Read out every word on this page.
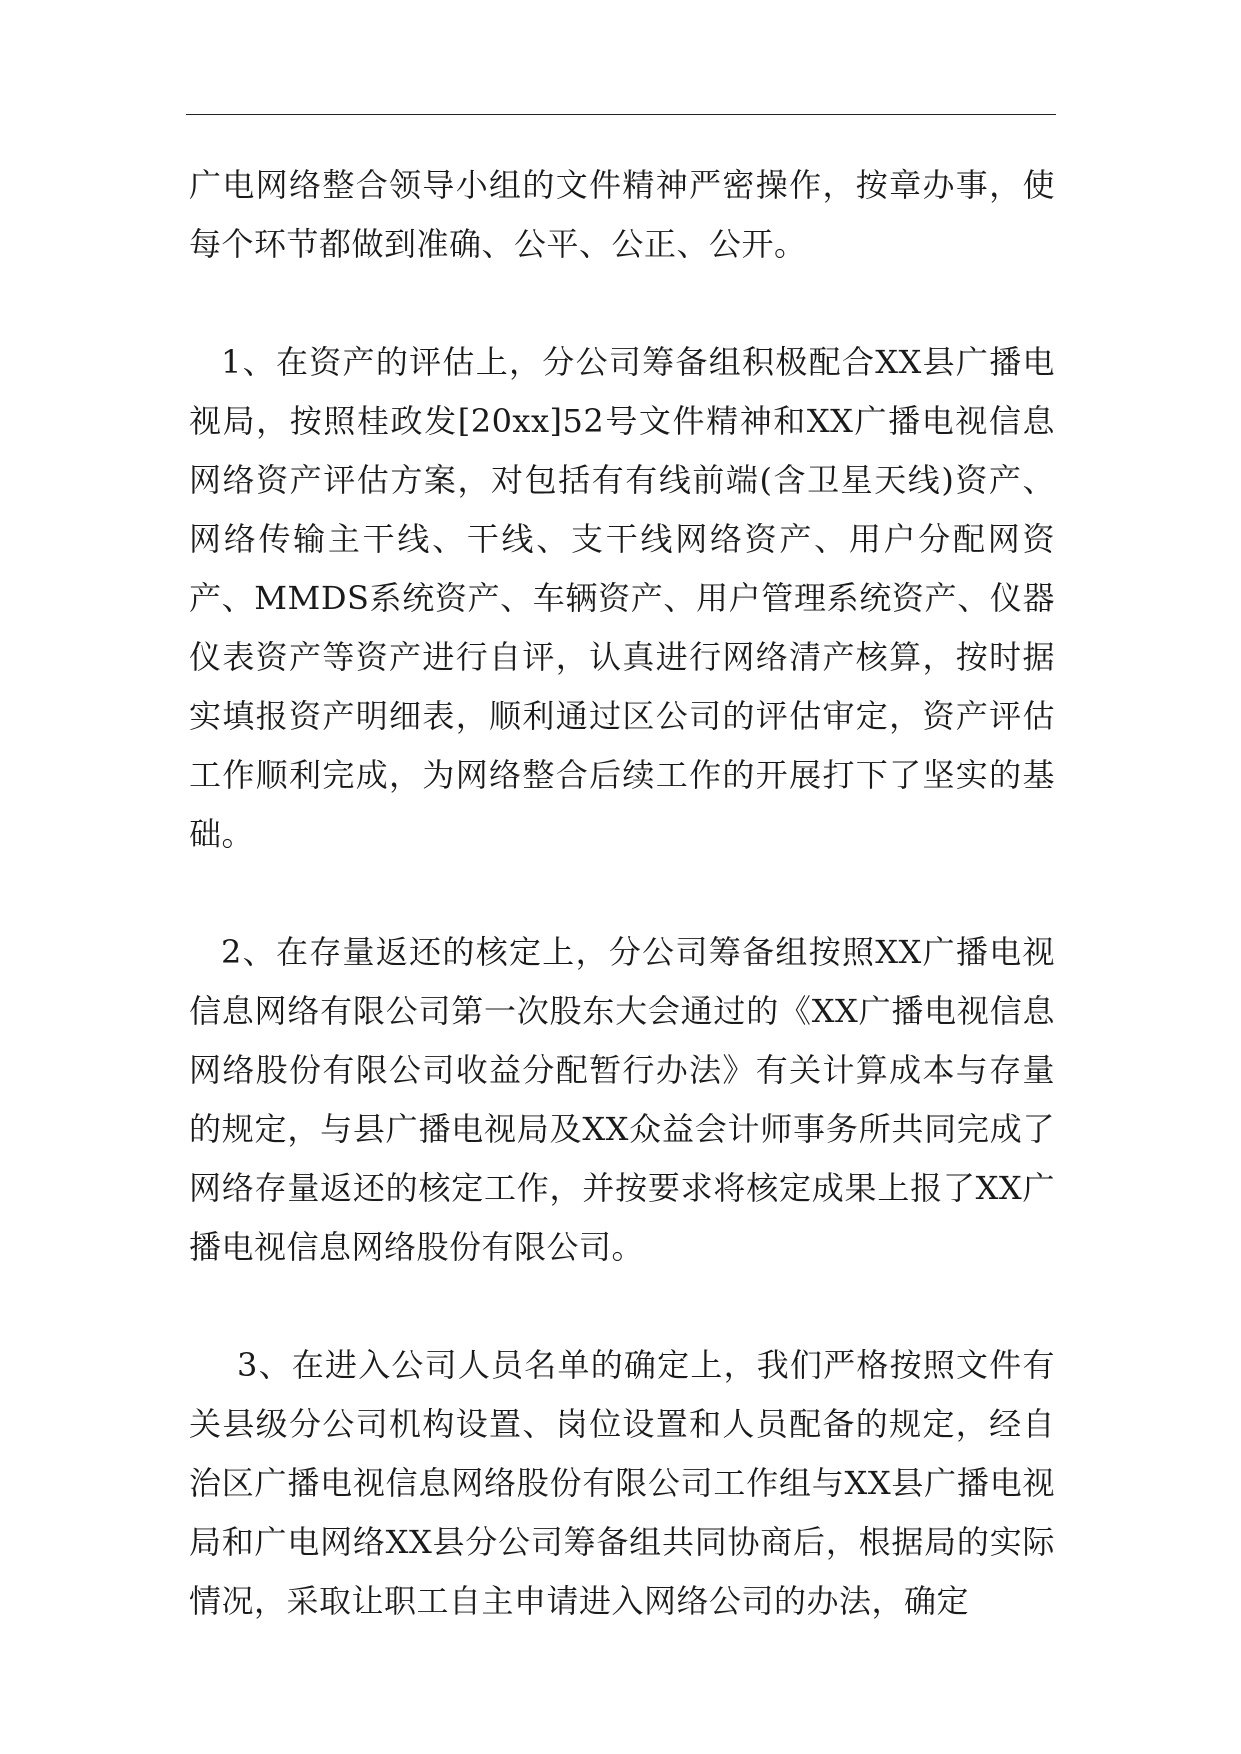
广电网络整合领导小组的文件精神严密操作，按章办事，使每个环节都做到准确、公平、公正、公开。

1、在资产的评估上，分公司筹备组积极配合XX县广播电视局，按照桂政发[20xx]52号文件精神和XX广播电视信息网络资产评估方案，对包括有有线前端(含卫星天线)资产、网络传输主干线、干线、支干线网络资产、用户分配网资产、MMDS系统资产、车辆资产、用户管理系统资产、仪器仪表资产等资产进行自评，认真进行网络清产核算，按时据实填报资产明细表，顺利通过区公司的评估审定，资产评估工作顺利完成，为网络整合后续工作的开展打下了坚实的基础。

2、在存量返还的核定上，分公司筹备组按照XX广播电视信息网络有限公司第一次股东大会通过的《XX广播电视信息网络股份有限公司收益分配暂行办法》有关计算成本与存量的规定，与县广播电视局及XX众益会计师事务所共同完成了网络存量返还的核定工作，并按要求将核定成果上报了XX广播电视信息网络股份有限公司。

3、在进入公司人员名单的确定上，我们严格按照文件有关县级分公司机构设置、岗位设置和人员配备的规定，经自治区广播电视信息网络股份有限公司工作组与XX县广播电视局和广电网络XX县分公司筹备组共同协商后，根据局的实际情况，采取让职工自主申请进入网络公司的办法，确定
